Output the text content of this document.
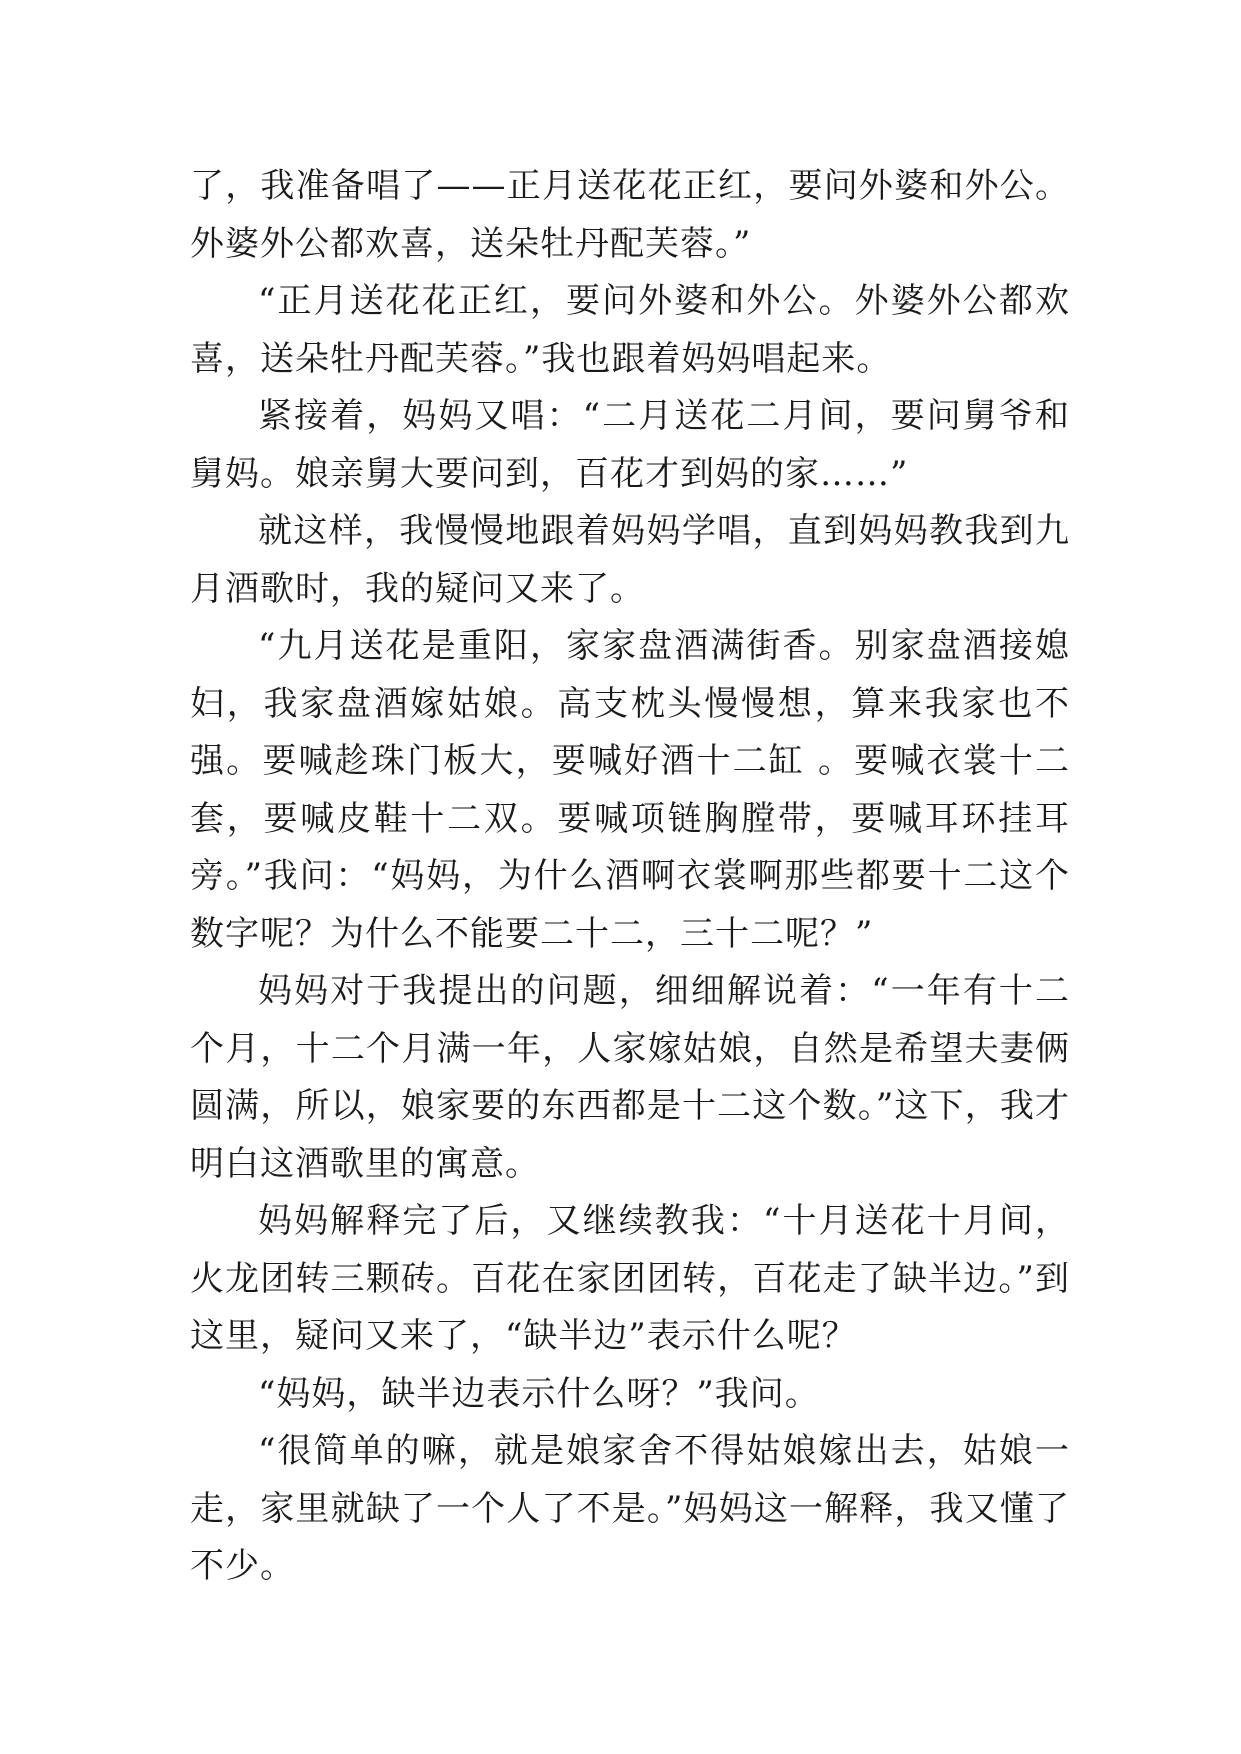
了，我准备唱了——正月送花花正红，要问外婆和外公。外婆外公都欢喜，送朵牡丹配芙蓉。”

“正月送花花正红，要问外婆和外公。外婆外公都欢喜，送朵牡丹配芙蓉。”我也跟着妈妈唱起来。

紧接着，妈妈又唱：“二月送花二月间，要问舅爷和舅妈。娘亲舅大要问到，百花才到妈的家……”

就这样，我慢慢地跟着妈妈学唱，直到妈妈教我到九月酒歌时，我的疑问又来了。

“九月送花是重阳，家家盘酒满街香。别家盘酒接媳妇，我家盘酒嫁姑娘。高支枕头慢慢想，算来我家也不强。要喊趁珠门板大，要喊好酒十二缸 。要喊衣裳十二套，要喊皮鞋十二双。要喊项链胸膛带，要喊耳环挂耳旁。”我问：“妈妈，为什么酒啊衣裳啊那些都要十二这个数字呢？为什么不能要二十二，三十二呢？”

妈妈对于我提出的问题，细细解说着：“一年有十二个月，十二个月满一年，人家嫁姑娘，自然是希望夫妻俩圆满，所以，娘家要的东西都是十二这个数。”这下，我才明白这酒歌里的寓意。

妈妈解释完了后，又继续教我：“十月送花十月间，火龙团转三颗砖。百花在家团团转，百花走了缺半边。”到这里，疑问又来了，“缺半边”表示什么呢？

“妈妈，缺半边表示什么呀？”我问。

“很简单的嘛，就是娘家舍不得姑娘嫁出去，姑娘一走，家里就缺了一个人了不是。”妈妈这一解释，我又懂了不少。
